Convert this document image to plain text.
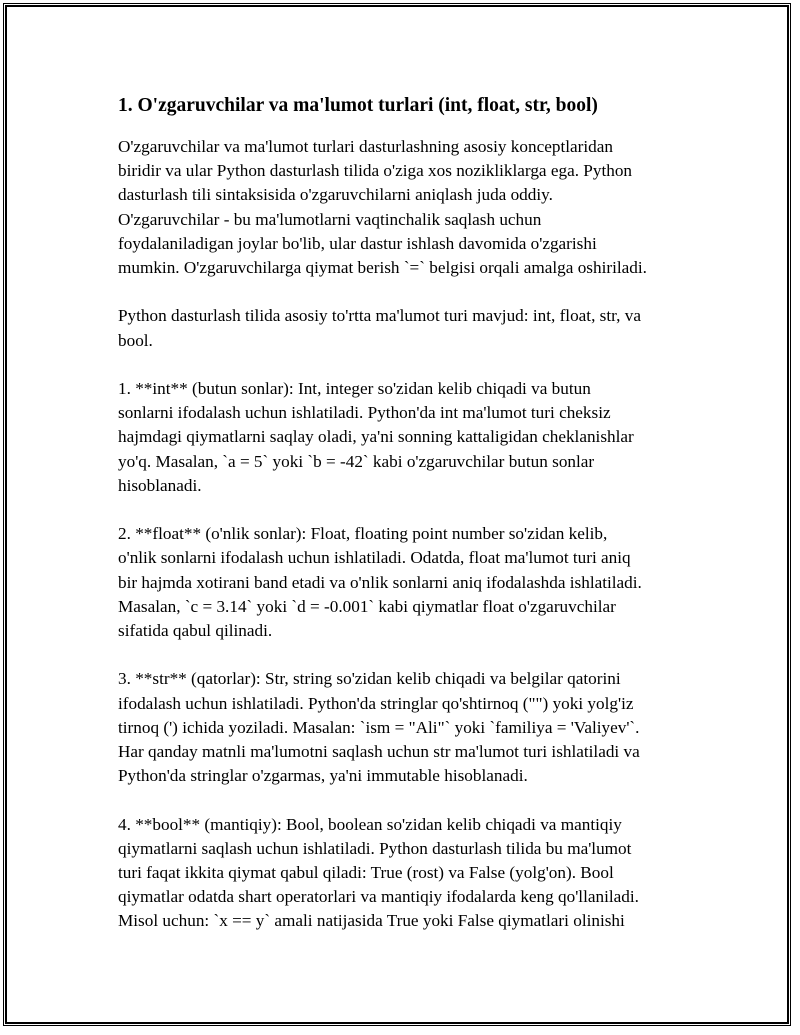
1. O'zgaruvchilar va ma'lumot turlari (int, float, str, bool)
O'zgaruvchilar va ma'lumot turlari dasturlashning asosiy konceptlaridan
biridir va ular Python dasturlash tilida o'ziga xos nozikliklarga ega. Python
dasturlash tili sintaksisida o'zgaruvchilarni aniqlash juda oddiy.
O'zgaruvchilar - bu ma'lumotlarni vaqtinchalik saqlash uchun
foydalaniladigan joylar bo'lib, ular dastur ishlash davomida o'zgarishi
mumkin. O'zgaruvchilarga qiymat berish `=` belgisi orqali amalga oshiriladi.
Python dasturlash tilida asosiy to'rtta ma'lumot turi mavjud: int, float, str, va
bool.
1. **int** (butun sonlar): Int, integer so'zidan kelib chiqadi va butun
sonlarni ifodalash uchun ishlatiladi. Python'da int ma'lumot turi cheksiz
hajmdagi qiymatlarni saqlay oladi, ya'ni sonning kattaligidan cheklanishlar
yo'q. Masalan, `a = 5` yoki `b = -42` kabi o'zgaruvchilar butun sonlar
hisoblanadi.
2. **float** (o'nlik sonlar): Float, floating point number so'zidan kelib,
o'nlik sonlarni ifodalash uchun ishlatiladi. Odatda, float ma'lumot turi aniq
bir hajmda xotirani band etadi va o'nlik sonlarni aniq ifodalashda ishlatiladi.
Masalan, `c = 3.14` yoki `d = -0.001` kabi qiymatlar float o'zgaruvchilar
sifatida qabul qilinadi.
3. **str** (qatorlar): Str, string so'zidan kelib chiqadi va belgilar qatorini
ifodalash uchun ishlatiladi. Python'da stringlar qo'shtirnoq ("") yoki yolg'iz
tirnoq (') ichida yoziladi. Masalan: `ism = "Ali"` yoki `familiya = 'Valiyev'`.
Har qanday matnli ma'lumotni saqlash uchun str ma'lumot turi ishlatiladi va
Python'da stringlar o'zgarmas, ya'ni immutable hisoblanadi.
4. **bool** (mantiqiy): Bool, boolean so'zidan kelib chiqadi va mantiqiy
qiymatlarni saqlash uchun ishlatiladi. Python dasturlash tilida bu ma'lumot
turi faqat ikkita qiymat qabul qiladi: True (rost) va False (yolg'on). Bool
qiymatlar odatda shart operatorlari va mantiqiy ifodalarda keng qo'llaniladi.
Misol uchun: `x == y` amali natijasida True yoki False qiymatlari olinishi
